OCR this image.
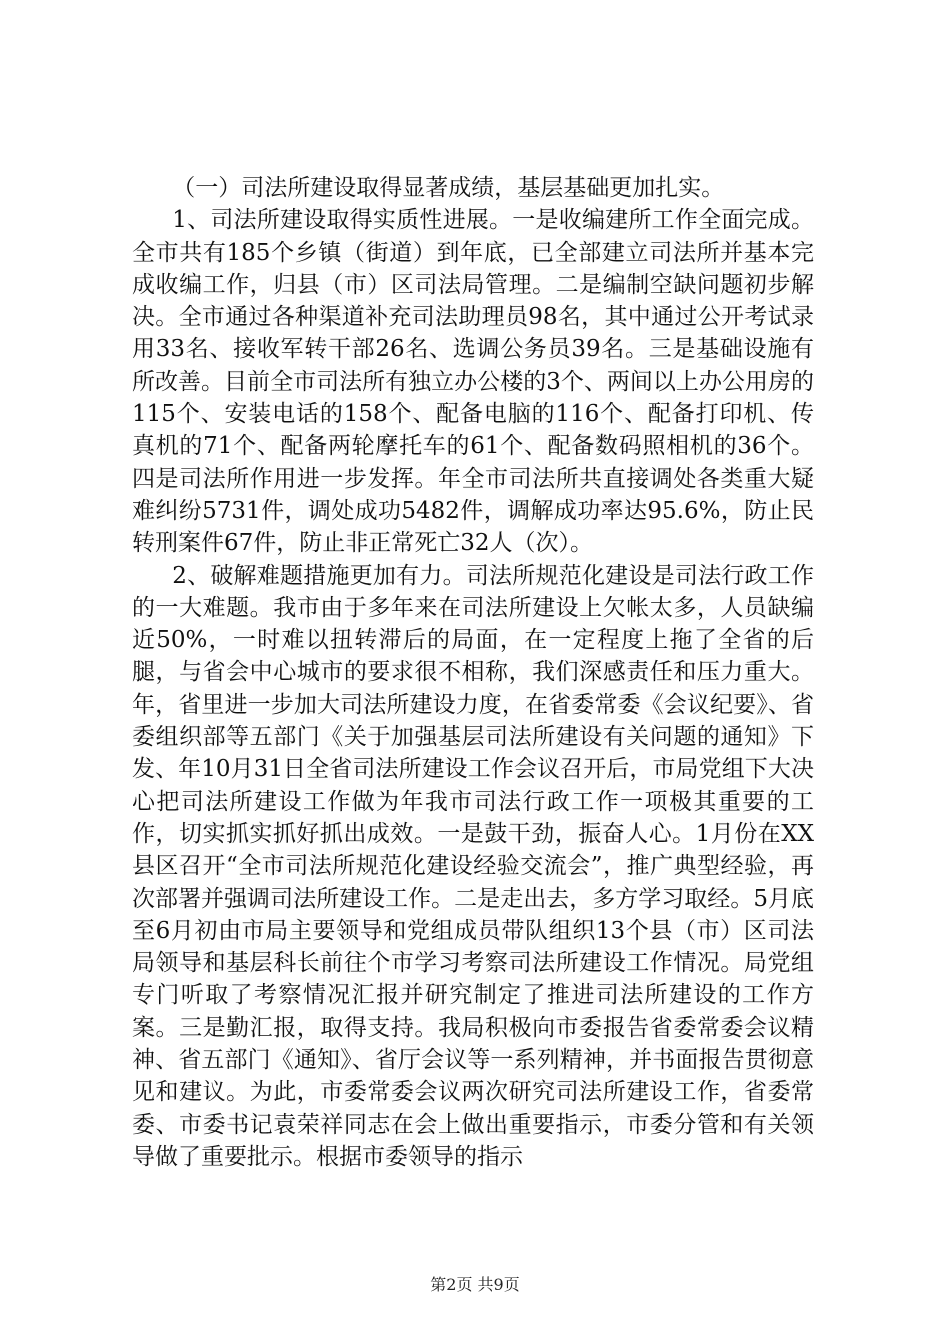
（一）司法所建设取得显著成绩，基层基础更加扎实。

1、司法所建设取得实质性进展。一是收编建所工作全面完成。全市共有185个乡镇（街道）到年底，已全部建立司法所并基本完成收编工作，归县（市）区司法局管理。二是编制空缺问题初步解决。全市通过各种渠道补充司法助理员98名，其中通过公开考试录用33名、接收军转干部26名、选调公务员39名。三是基础设施有所改善。目前全市司法所有独立办公楼的3个、两间以上办公用房的115个、安装电话的158个、配备电脑的116个、配备打印机、传真机的71个、配备两轮摩托车的61个、配备数码照相机的36个。四是司法所作用进一步发挥。年全市司法所共直接调处各类重大疑难纠纷5731件，调处成功5482件，调解成功率达95.6%，防止民转刑案件67件，防止非正常死亡32人（次）。

2、破解难题措施更加有力。司法所规范化建设是司法行政工作的一大难题。我市由于多年来在司法所建设上欠帐太多，人员缺编近50%，一时难以扭转滞后的局面，在一定程度上拖了全省的后腿，与省会中心城市的要求很不相称，我们深感责任和压力重大。年，省里进一步加大司法所建设力度，在省委常委《会议纪要》、省委组织部等五部门《关于加强基层司法所建设有关问题的通知》下发、年10月31日全省司法所建设工作会议召开后，市局党组下大决心把司法所建设工作做为年我市司法行政工作一项极其重要的工作，切实抓实抓好抓出成效。一是鼓干劲，振奋人心。1月份在XX县区召开“全市司法所规范化建设经验交流会”，推广典型经验，再次部署并强调司法所建设工作。二是走出去，多方学习取经。5月底至6月初由市局主要领导和党组成员带队组织13个县（市）区司法局领导和基层科长前往个市学习考察司法所建设工作情况。局党组专门听取了考察情况汇报并研究制定了推进司法所建设的工作方案。三是勤汇报，取得支持。我局积极向市委报告省委常委会议精神、省五部门《通知》、省厅会议等一系列精神，并书面报告贯彻意见和建议。为此，市委常委会议两次研究司法所建设工作，省委常委、市委书记袁荣祥同志在会上做出重要指示，市委分管和有关领导做了重要批示。根据市委领导的指示

第2页 共9页
